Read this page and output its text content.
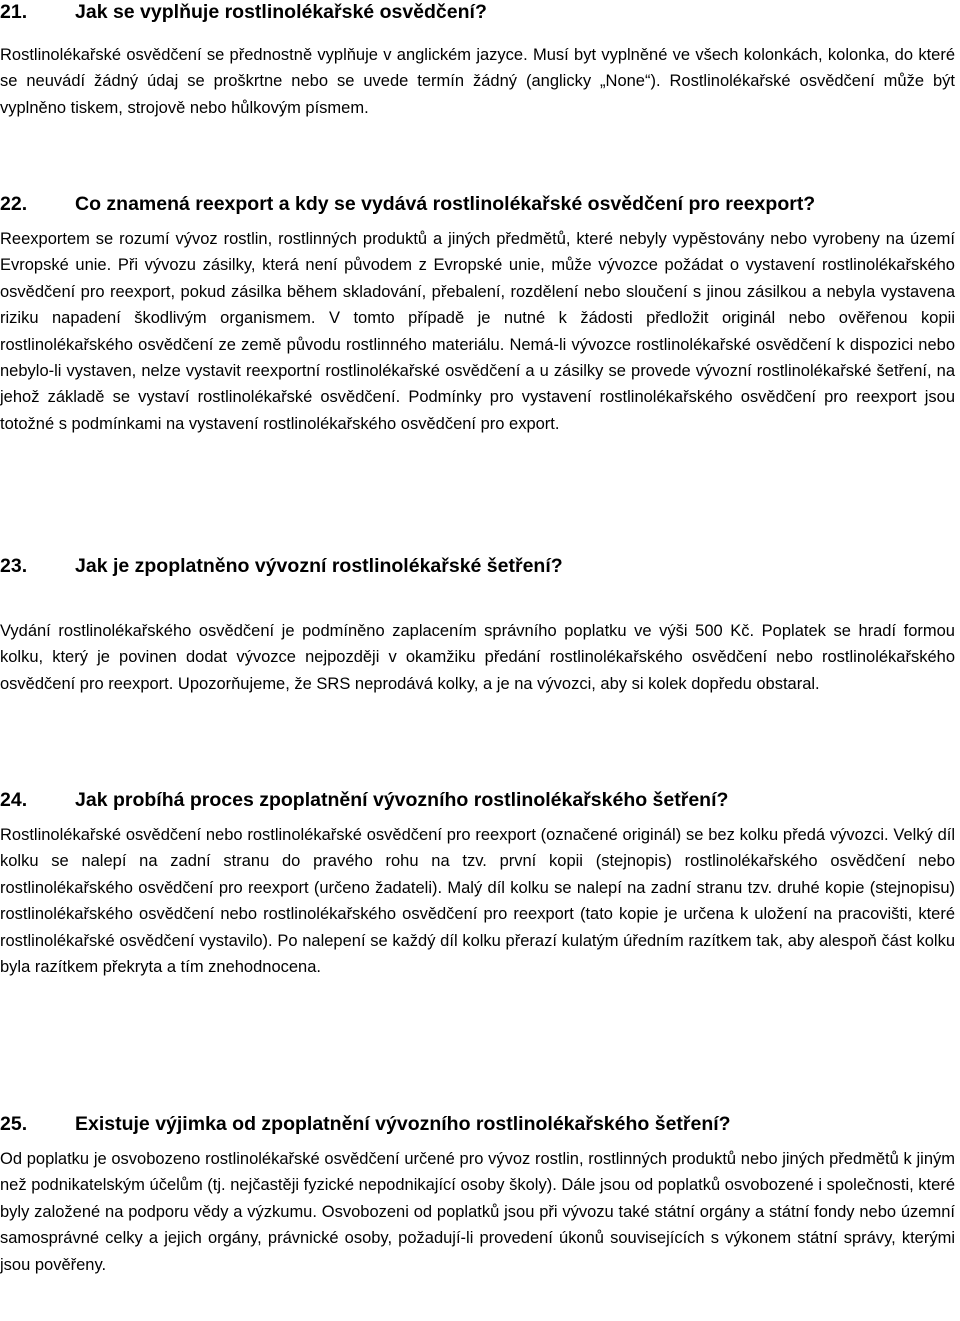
21.	Jak se vyplňuje rostlinolékařské osvědčení?

Rostlinolékařské osvědčení se přednostně vyplňuje v anglickém jazyce. Musí byt vyplněné ve všech kolonkách, kolonka, do které se neuvádí žádný údaj se proškrtne nebo se uvede termín žádný (anglicky „None“). Rostlinolékařské osvědčení může být vyplněno tiskem, strojově nebo hůlkovým písmem.

22.	Co znamená reexport a kdy se vydává rostlinolékařské osvědčení pro reexport?

Reexportem se rozumí vývoz rostlin, rostlinných produktů a jiných předmětů, které nebyly vypěstovány nebo vyrobeny na území Evropské unie. Při vývozu zásilky, která není původem z Evropské unie, může vývozce požádat o vystavení rostlinolékařského osvědčení pro reexport, pokud zásilka během skladování, přebalení, rozdělení nebo sloučení s jinou zásilkou a nebyla vystavena riziku napadení škodlivým organismem. V tomto případě je nutné k žádosti předložit originál nebo ověřenou kopii rostlinolékařského osvědčení ze země původu rostlinného materiálu. Nemá-li vývozce rostlinolékařské osvědčení k dispozici nebo nebylo-li vystaven, nelze vystavit reexportní rostlinolékařské osvědčení a u zásilky se provede vývozní rostlinolékařské šetření, na jehož základě se vystaví rostlinolékařské osvědčení. Podmínky pro vystavení rostlinolékařského osvědčení pro reexport jsou totožné s podmínkami na vystavení rostlinolékařského osvědčení pro export.

23.	Jak je zpoplatněno vývozní rostlinolékařské šetření?

Vydání rostlinolékařského osvědčení je podmíněno zaplacením správního poplatku ve výši 500 Kč. Poplatek se hradí formou kolku, který je povinen dodat vývozce nejpozději v okamžiku předání rostlinolékařského osvědčení nebo rostlinolékařského osvědčení pro reexport. Upozorňujeme, že SRS neprodává kolky, a je na vývozci, aby si kolek dopředu obstaral.

24.	Jak probíhá proces zpoplatnění vývozního rostlinolékařského šetření?

Rostlinolékařské osvědčení nebo rostlinolékařské osvědčení pro reexport (označené originál) se bez kolku předá vývozci. Velký díl kolku se nalepí na zadní stranu do pravého rohu na tzv. první kopii (stejnopis) rostlinolékařského osvědčení nebo rostlinolékařského osvědčení pro reexport (určeno žadateli). Malý díl kolku se nalepí na zadní stranu tzv. druhé kopie (stejnopisu) rostlinolékařského osvědčení nebo rostlinolékařského osvědčení pro reexport (tato kopie je určena k uložení na pracovišti, které rostlinolékařské osvědčení vystavilo). Po nalepení se každý díl kolku přerazí kulatým úředním razítkem tak, aby alespoň část kolku byla razítkem překryta a tím znehodnocena.

25.	Existuje výjimka od zpoplatnění vývozního rostlinolékařského šetření?

Od poplatku je osvobozeno rostlinolékařské osvědčení určené pro vývoz rostlin, rostlinných produktů nebo jiných předmětů k jiným než podnikatelským účelům (tj. nejčastěji fyzické nepodnikající osoby školy). Dále jsou od poplatků osvobozené i společnosti, které byly založené na podporu vědy a výzkumu. Osvobozeni od poplatků jsou při vývozu také státní orgány a státní fondy nebo územní samosprávné celky a jejich orgány, právnické osoby, požadují-li provedení úkonů souvisejících s výkonem státní správy, kterými jsou pověřeny.
